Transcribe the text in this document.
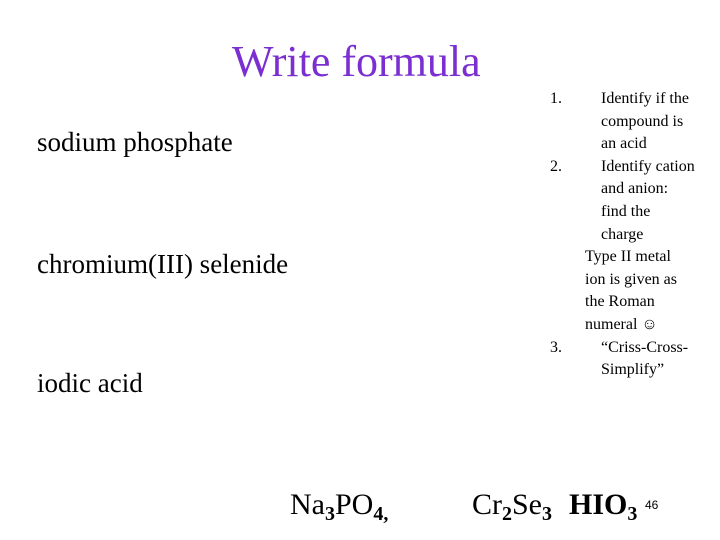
Write formula
sodium phosphate
chromium(III) selenide
iodic acid
1. Identify if the
compound is
an acid
2. Identify cation
and anion:
find the
charge
Type II metal
ion is given as
the Roman
numeral ☺
3. “Criss-Cross-
Simplify”
$Na_3PO_{4,}$	$Cr_2Se_3$ $HIO_3$ 46
